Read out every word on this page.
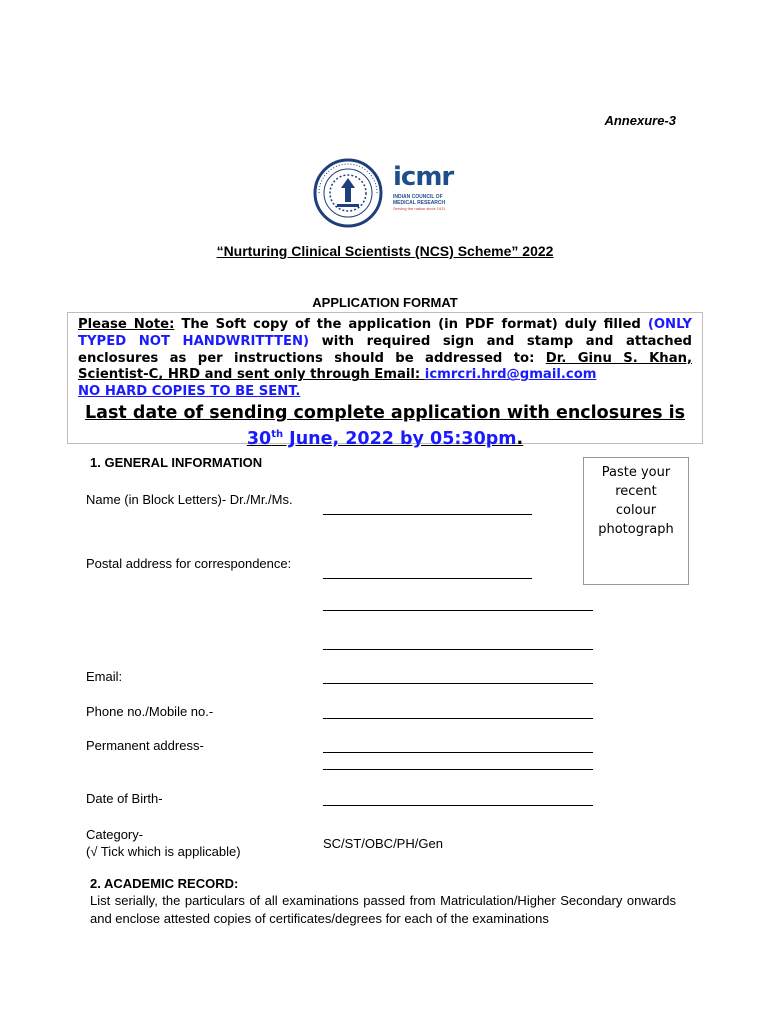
Annexure-3
icmr
INDIAN COUNCIL OF
MEDICAL RESEARCH
Serving the nation since 1911
“Nurturing Clinical Scientists (NCS) Scheme” 2022
APPLICATION FORMAT
Please Note: The Soft copy of the application (in PDF format) duly filled (ONLY TYPED NOT HANDWRITTTEN) with required sign and stamp and attached enclosures as per instructions should be addressed to: Dr. Ginu S. Khan, Scientist-C, HRD and sent only through Email: icmrcri.hrd@gmail.com
NO HARD COPIES TO BE SENT.
Last date of sending complete application with enclosures is
30th June, 2022 by 05:30pm.
1. GENERAL INFORMATION
Name (in Block Letters)- Dr./Mr./Ms.
Postal address for correspondence:
Email:
Phone no./Mobile no.-
Permanent address-
Date of Birth-
Category-
(√ Tick which is applicable)
SC/ST/OBC/PH/Gen
Paste your
recent
colour
photograph
2. ACADEMIC RECORD:
List serially, the particulars of all examinations passed from Matriculation/Higher Secondary onwards and enclose attested copies of certificates/degrees for each of the examinations
